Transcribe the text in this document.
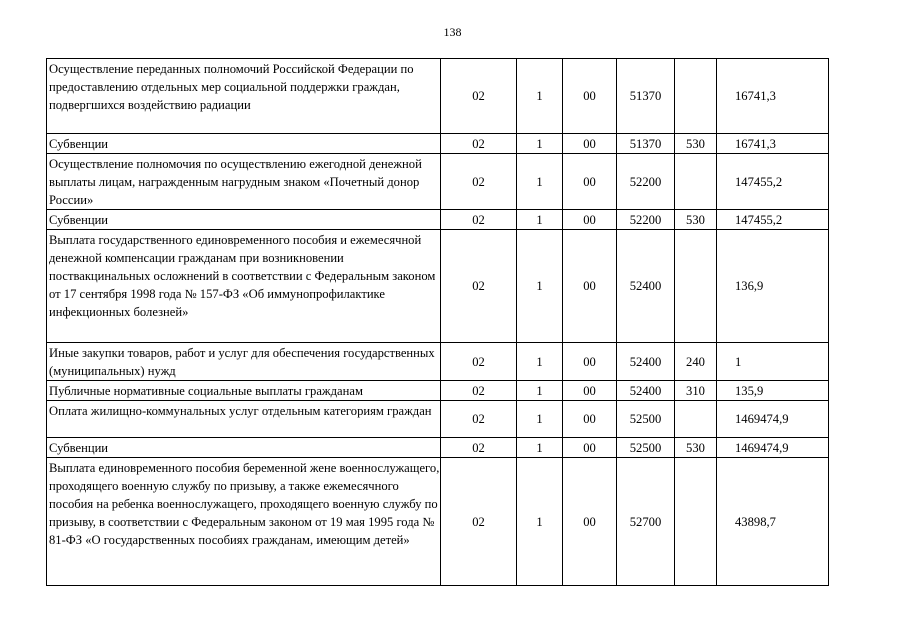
138
Осуществление переданных полномочий Российской Федерации по предоставлению отдельных мер социальной поддержки граждан, подвергшихся воздействию радиации	02	1	00	51370		16741,3
Субвенции	02	1	00	51370	530	16741,3
Осуществление полномочия по осуществлению ежегодной денежной выплаты лицам, награжденным нагрудным знаком «Почетный донор России»	02	1	00	52200		147455,2
Субвенции	02	1	00	52200	530	147455,2
Выплата государственного единовременного пособия и ежемесячной денежной компенсации гражданам при возникновении поствакцинальных осложнений в соответствии с Федеральным законом от 17 сентября 1998 года № 157-ФЗ «Об иммунопрофилактике инфекционных болезней»	02	1	00	52400		136,9
Иные закупки товаров, работ и услуг для обеспечения государственных (муниципальных) нужд	02	1	00	52400	240	1
Публичные нормативные социальные выплаты гражданам	02	1	00	52400	310	135,9
Оплата жилищно-коммунальных услуг отдельным категориям граждан	02	1	00	52500		1469474,9
Субвенции	02	1	00	52500	530	1469474,9
Выплата единовременного пособия беременной жене военнослужащего, проходящего военную службу по призыву, а также ежемесячного пособия на ребенка военнослужащего, проходящего военную службу по призыву, в соответствии с Федеральным законом от 19 мая 1995 года № 81-ФЗ «О государственных пособиях гражданам, имеющим детей»	02	1	00	52700		43898,7
